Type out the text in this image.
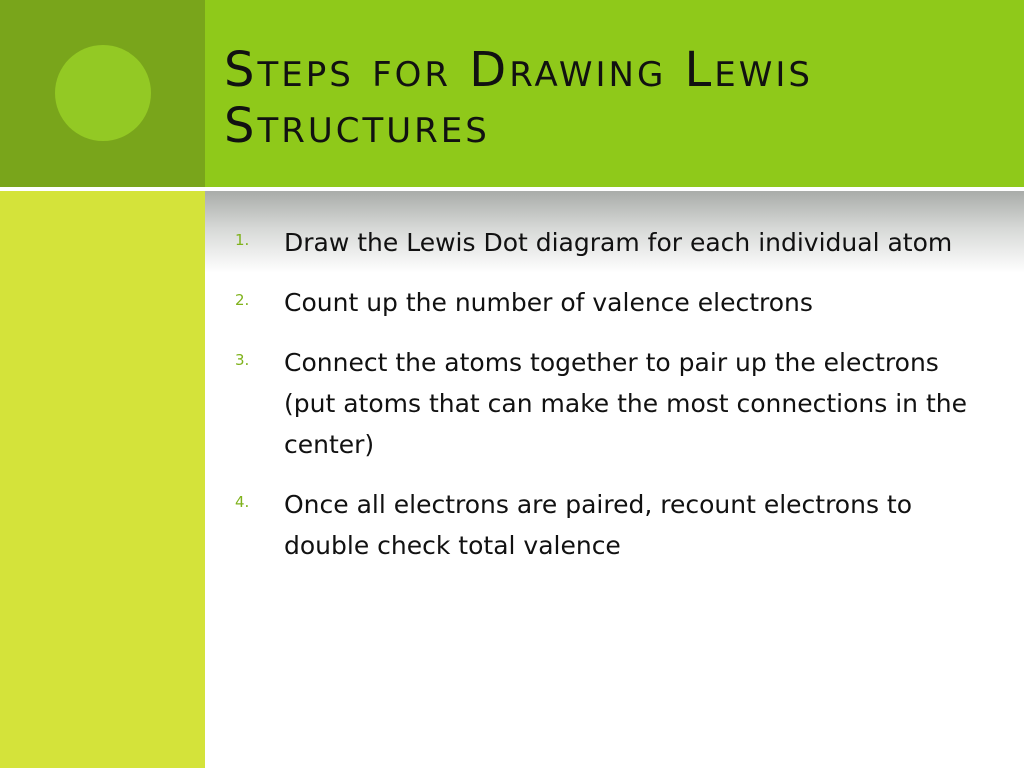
Steps for Drawing Lewis Structures
1. Draw the Lewis Dot diagram for each individual atom
2. Count up the number of valence electrons
3. Connect the atoms together to pair up the electrons (put atoms that can make the most connections in the center)
4. Once all electrons are paired, recount electrons to double check total valence
